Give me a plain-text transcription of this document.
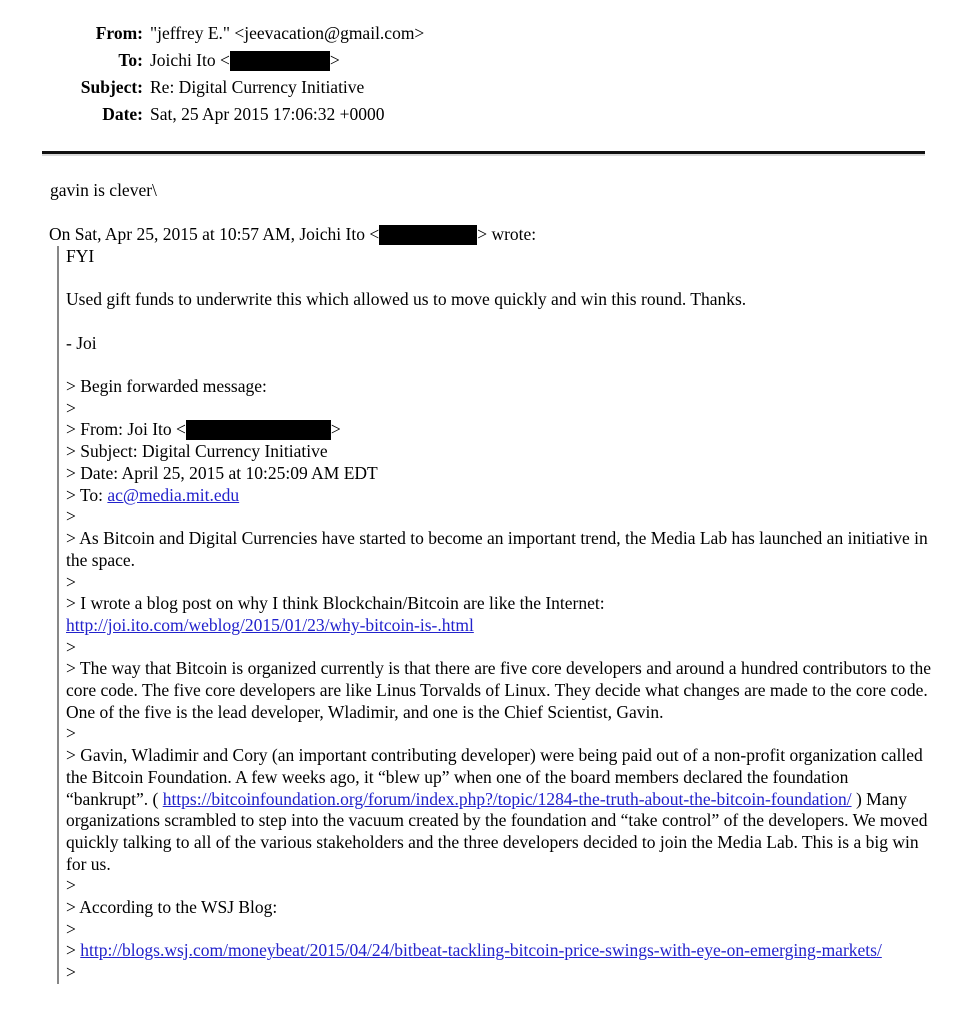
From:	"jeffrey E." <jeevacation@gmail.com>
To:	Joichi Ito < >
Subject:	Re: Digital Currency Initiative
Date:	Sat, 25 Apr 2015 17:06:32 +0000

gavin is clever\

On Sat, Apr 25, 2015 at 10:57 AM, Joichi Ito <	> wrote:

FYI

Used gift funds to underwrite this which allowed us to move quickly and win this round. Thanks.

- Joi

> Begin forwarded message:
>
> From: Joi Ito <	>
> Subject: Digital Currency Initiative
> Date: April 25, 2015 at 10:25:09 AM EDT
> To: ac@media.mit.edu
>
> As Bitcoin and Digital Currencies have started to become an important trend, the Media Lab has launched an initiative in the space.
>
> I wrote a blog post on why I think Blockchain/Bitcoin are like the Internet:
http://joi.ito.com/weblog/2015/01/23/why-bitcoin-is-.html
>
> The way that Bitcoin is organized currently is that there are five core developers and around a hundred contributors to the core code. The five core developers are like Linus Torvalds of Linux. They decide what changes are made to the core code. One of the five is the lead developer, Wladimir, and one is the Chief Scientist, Gavin.
>
> Gavin, Wladimir and Cory (an important contributing developer) were being paid out of a non-profit organization called the Bitcoin Foundation. A few weeks ago, it “blew up” when one of the board members declared the foundation “bankrupt”. ( https://bitcoinfoundation.org/forum/index.php?/topic/1284-the-truth-about-the-bitcoin-foundation/ ) Many organizations scrambled to step into the vacuum created by the foundation and “take control” of the developers. We moved quickly talking to all of the various stakeholders and the three developers decided to join the Media Lab. This is a big win for us.
>
> According to the WSJ Blog:
>
> http://blogs.wsj.com/moneybeat/2015/04/24/bitbeat-tackling-bitcoin-price-swings-with-eye-on-emerging-markets/
>
